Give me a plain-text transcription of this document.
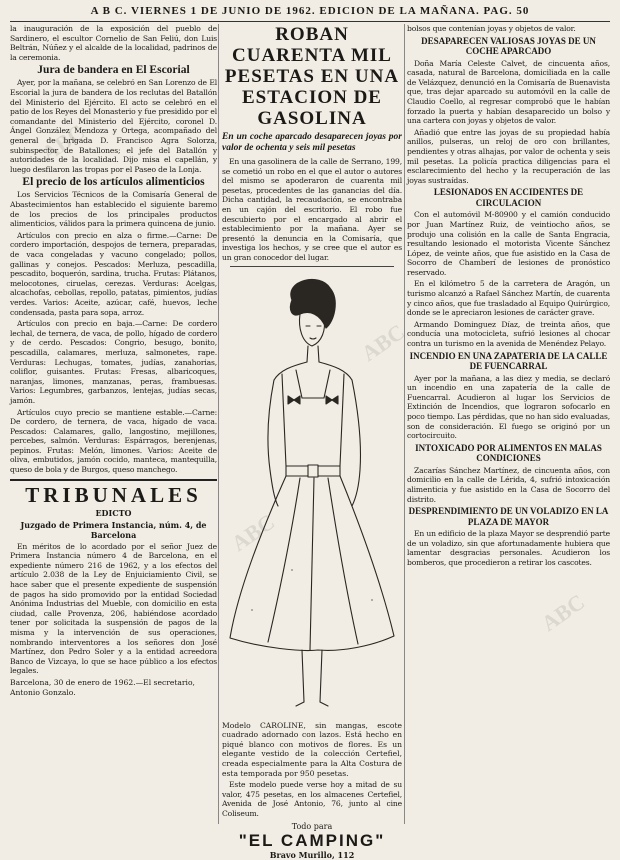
A B C. VIERNES 1 DE JUNIO DE 1962. EDICION DE LA MAÑANA. PAG. 50

la inauguración de la exposición del pueblo de Sardinero, el escultor Cornelio de San Feliú, don Luis Beltrán, Núñez y el alcalde de la localidad, padrinos de la ceremonia.

Jura de bandera en El Escorial

Ayer, por la mañana, se celebró en San Lorenzo de El Escorial la jura de bandera de los reclutas del Batallón del Ministerio del Ejército. El acto se celebró en el patio de los Reyes del Monasterio y fue presidido por el comandante del Ministerio del Ejército, coronel D. Ángel González Mendoza y Ortega, acompañado del general de brigada D. Francisco Agra Solorza, subinspector de Batallones; el jefe del Batallón y autoridades de la localidad. Dijo misa el capellán, y luego desfilaron las tropas por el Paseo de la Lonja.

El precio de los artículos alimenticios

Los Servicios Técnicos de la Comisaría General de Abastecimientos han establecido el siguiente baremo de los precios de los principales productos alimenticios, válidos para la primera quincena de junio.

Artículos con precio en alza o firme.—Carne: De cordero importación, despojos de ternera, preparadas, de vaca congeladas y vacuno congelado; pollos, gallinas y conejos. Pescados: Merluza, pescadilla, pescadito, boquerón, sardina, trucha. Frutas: Plátanos, melocotones, ciruelas, cerezas. Verduras: Acelgas, alcachofas, cebollas, repollo, patatas, pimientos, judías verdes. Varios: Aceite, azúcar, café, huevos, leche condensada, pasta para sopa, arroz.

Artículos con precio en baja.—Carne: De cordero lechal, de ternera, de vaca, de pollo, hígado de cordero y de cerdo. Pescados: Congrio, besugo, bonito, pescadilla, calamares, merluza, salmonetes, rape. Verduras: Lechugas, tomates, judías, zanahorias, coliflor, guisantes. Frutas: Fresas, albaricoques, naranjas, limones, manzanas, peras, frambuesas. Varios: Legumbres, garbanzos, lentejas, judías secas, jamón.

Artículos cuyo precio se mantiene estable.—Carne: De cordero, de ternera, de vaca, hígado de vaca. Pescados: Calamares, gallo, langostino, mejillones, percebes, salmón. Verduras: Espárragos, berenjenas, pepinos. Frutas: Melón, limones. Varios: Aceite de oliva, embutidos, jamón cocido, manteca, mantequilla, queso de bola y de Burgos, queso manchego.

TRIBUNALES
EDICTO
Juzgado de Primera Instancia, núm. 4, de Barcelona

En méritos de lo acordado por el señor Juez de Primera Instancia número 4 de Barcelona, en el expediente número 216 de 1962, y a los efectos del artículo 2.038 de la Ley de Enjuiciamiento Civil, se hace saber que el presente expediente de suspensión de pagos ha sido promovido por la entidad Sociedad Anónima Industrias del Mueble, con domicilio en esta ciudad, calle Provenza, 206, habiéndose acordado tener por solicitada la suspensión de pagos de la misma y la intervención de sus operaciones, nombrando interventores a los señores don José Martínez, don Pedro Soler y a la entidad acreedora Banco de Vizcaya, lo que se hace público a los efectos legales.

Barcelona, 30 de enero de 1962.—El secretario, Antonio Gonzalo.

ROBAN CUARENTA MIL PESETAS EN UNA ESTACION DE GASOLINA
En un coche aparcado desaparecen joyas por valor de ochenta y seis mil pesetas

En una gasolinera de la calle de Serrano, 199, se cometió un robo en el que el autor o autores del mismo se apoderaron de cuarenta mil pesetas, procedentes de las ganancias del día. Dicha cantidad, la recaudación, se encontraba en un cajón del escritorio. El robo fue descubierto por el encargado al abrir el establecimiento por la mañana. Ayer se presentó la denuncia en la Comisaría, que investiga los hechos, y se cree que el autor es un gran conocedor del lugar.

Modelo CAROLINE, sin mangas, escote cuadrado adornado con lazos. Está hecho en piqué blanco con motivos de flores. Es un elegante vestido de la colección Certefiel, creada especialmente para la Alta Costura de esta temporada por 950 pesetas.

Este modelo puede verse hoy a mitad de su valor, 475 pesetas, en los almacenes Certefiel, Avenida de José Antonio, 76, junto al cine Coliseum.

Todo para
"EL CAMPING"
Bravo Murillo, 112

bolsos que contenían joyas y objetos de valor.

DESAPARECEN VALIOSAS JOYAS DE UN COCHE APARCADO

Doña María Celeste Calvet, de cincuenta años, casada, natural de Barcelona, domiciliada en la calle de Velázquez, denunció en la Comisaría de Buenavista que, tras dejar aparcado su automóvil en la calle de Claudio Coello, al regresar comprobó que le habían forzado la puerta y habían desaparecido un bolso y una cartera con joyas y objetos de valor.

Añadió que entre las joyas de su propiedad había anillos, pulseras, un reloj de oro con brillantes, pendientes y otras alhajas, por valor de ochenta y seis mil pesetas. La policía practica diligencias para el esclarecimiento del hecho y la recuperación de las joyas sustraídas.

LESIONADOS EN ACCIDENTES DE CIRCULACION

Con el automóvil M-80900 y el camión conducido por Juan Martínez Ruiz, de veintiocho años, se produjo una colisión en la calle de Santa Engracia, resultando lesionado el motorista Vicente Sánchez López, de veinte años, que fue asistido en la Casa de Socorro de Chamberí de lesiones de pronóstico reservado.

En el kilómetro 5 de la carretera de Aragón, un turismo alcanzó a Rafael Sánchez Martín, de cuarenta y cinco años, que fue trasladado al Equipo Quirúrgico, donde se le apreciaron lesiones de carácter grave.

Armando Dominguez Díaz, de treinta años, que conducía una motocicleta, sufrió lesiones al chocar contra un turismo en la avenida de Menéndez Pelayo.

INCENDIO EN UNA ZAPATERIA DE LA CALLE DE FUENCARRAL

Ayer por la mañana, a las diez y media, se declaró un incendio en una zapatería de la calle de Fuencarral. Acudieron al lugar los Servicios de Extinción de Incendios, que lograron sofocarlo en poco tiempo. Las pérdidas, que no han sido evaluadas, son de consideración. El fuego se originó por un cortocircuito.

INTOXICADO POR ALIMENTOS EN MALAS CONDICIONES

Zacarías Sánchez Martínez, de cincuenta años, con domicilio en la calle de Lérida, 4, sufrió intoxicación alimenticia y fue asistido en la Casa de Socorro del distrito.

DESPRENDIMIENTO DE UN VOLADIZO EN LA PLAZA DE MAYOR

En un edificio de la plaza Mayor se desprendió parte de un voladizo, sin que afortunadamente hubiera que lamentar desgracias personales. Acudieron los bomberos, que procedieron a retirar los cascotes.

ABC
ABC
ABC
ABC
